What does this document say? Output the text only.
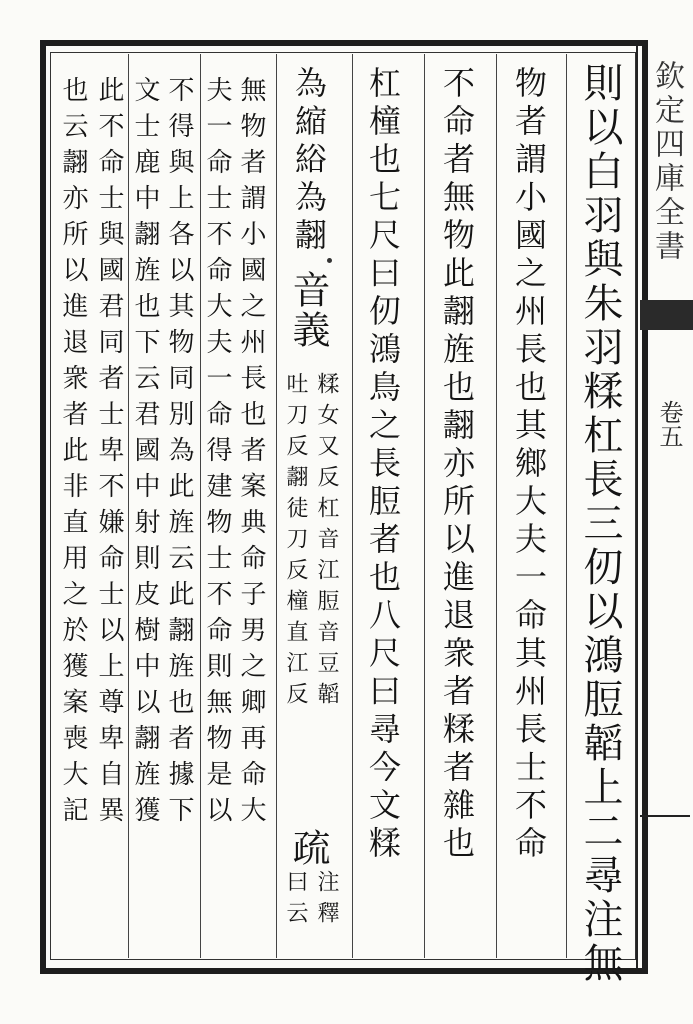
欽定四庫全書
卷五
則以白羽與朱羽糅杠長三仞以鴻脰韜上二尋注無
物者謂小國之州長也其鄉大夫一命其州長士不命
不命者無物此翿旌也翿亦所以進退衆者糅者雜也
杠橦也七尺曰仞鴻鳥之長脰者也八尺曰尋今文糅
為縮綌為翿
音義
糅女又反杠音江脰音豆韜
吐刀反翿徒刀反橦直江反
疏
注釋
曰云
無物者謂小國之州長也者案典命子男之卿再命大
夫一命士不命大夫一命得建物士不命則無物是以
不得與上各以其物同別為此旌云此翿旌也者據下
文士鹿中翿旌也下云君國中射則皮樹中以翿旌獲
此不命士與國君同者士卑不嫌命士以上尊卑自異
也云翿亦所以進退衆者此非直用之於獲案喪大記
